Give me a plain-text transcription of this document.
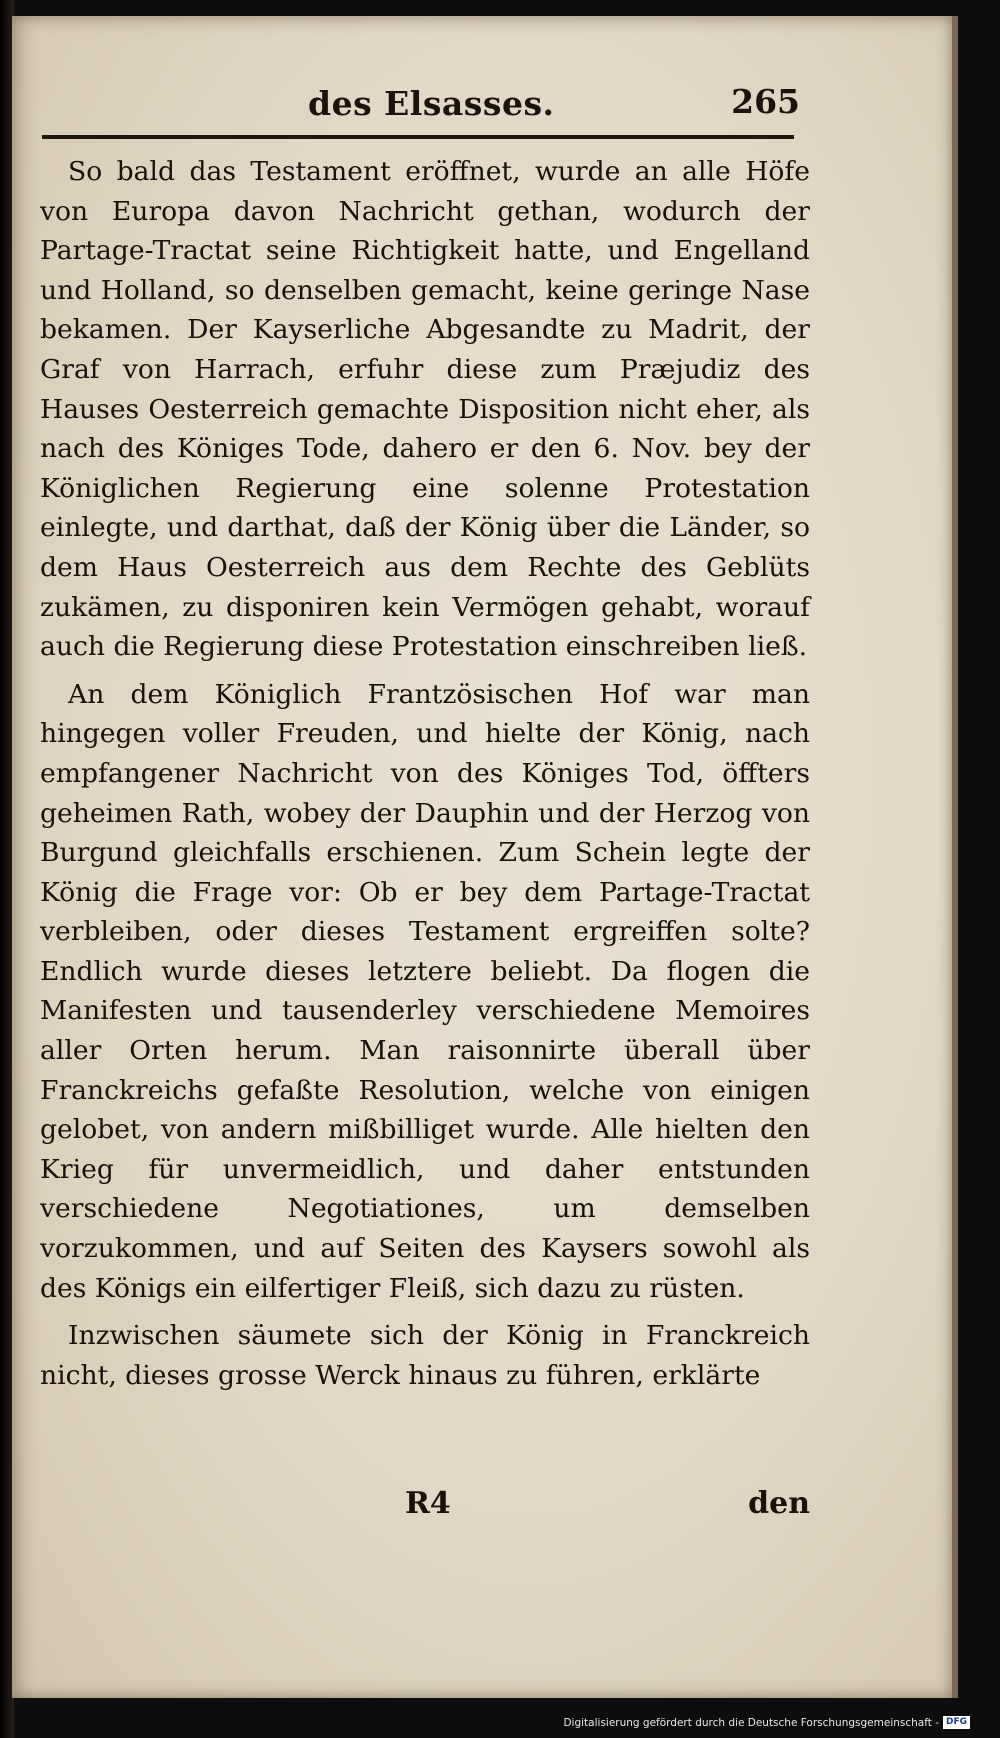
des Elsasses.	265

So bald das Testament eröffnet, wurde an alle Höfe von Europa davon Nachricht gethan, wodurch der Partage-Tractat seine Richtigkeit hatte, und Engelland und Holland, so denselben gemacht, keine geringe Nase bekamen. Der Kayserliche Abgesandte zu Madrit, der Graf von Harrach, erfuhr diese zum Præjudiz des Hauses Oesterreich gemachte Disposition nicht eher, als nach des Königes Tode, dahero er den 6. Nov. bey der Königlichen Regierung eine solenne Protestation einlegte, und darthat, daß der König über die Länder, so dem Haus Oesterreich aus dem Rechte des Geblüts zukämen, zu disponiren kein Vermögen gehabt, worauf auch die Regierung diese Protestation einschreiben ließ.

An dem Königlich Frantzösischen Hof war man hingegen voller Freuden, und hielte der König, nach empfangener Nachricht von des Königes Tod, öffters geheimen Rath, wobey der Dauphin und der Herzog von Burgund gleichfalls erschienen. Zum Schein legte der König die Frage vor: Ob er bey dem Partage-Tractat verbleiben, oder dieses Testament ergreiffen solte? Endlich wurde dieses letztere beliebt. Da flogen die Manifesten und tausenderley verschiedene Memoires aller Orten herum. Man raisonnirte überall über Franckreichs gefaßte Resolution, welche von einigen gelobet, von andern mißbilliget wurde. Alle hielten den Krieg für unvermeidlich, und daher entstunden verschiedene Negotiationes, um demselben vorzukommen, und auf Seiten des Kaysers sowohl als des Königs ein eilfertiger Fleiß, sich dazu zu rüsten.

Inzwischen säumete sich der König in Franckreich nicht, dieses grosse Werck hinaus zu führen, erklärte

R4	den
Digitalisierung gefördert durch die Deutsche Forschungsgemeinschaft - DFG
